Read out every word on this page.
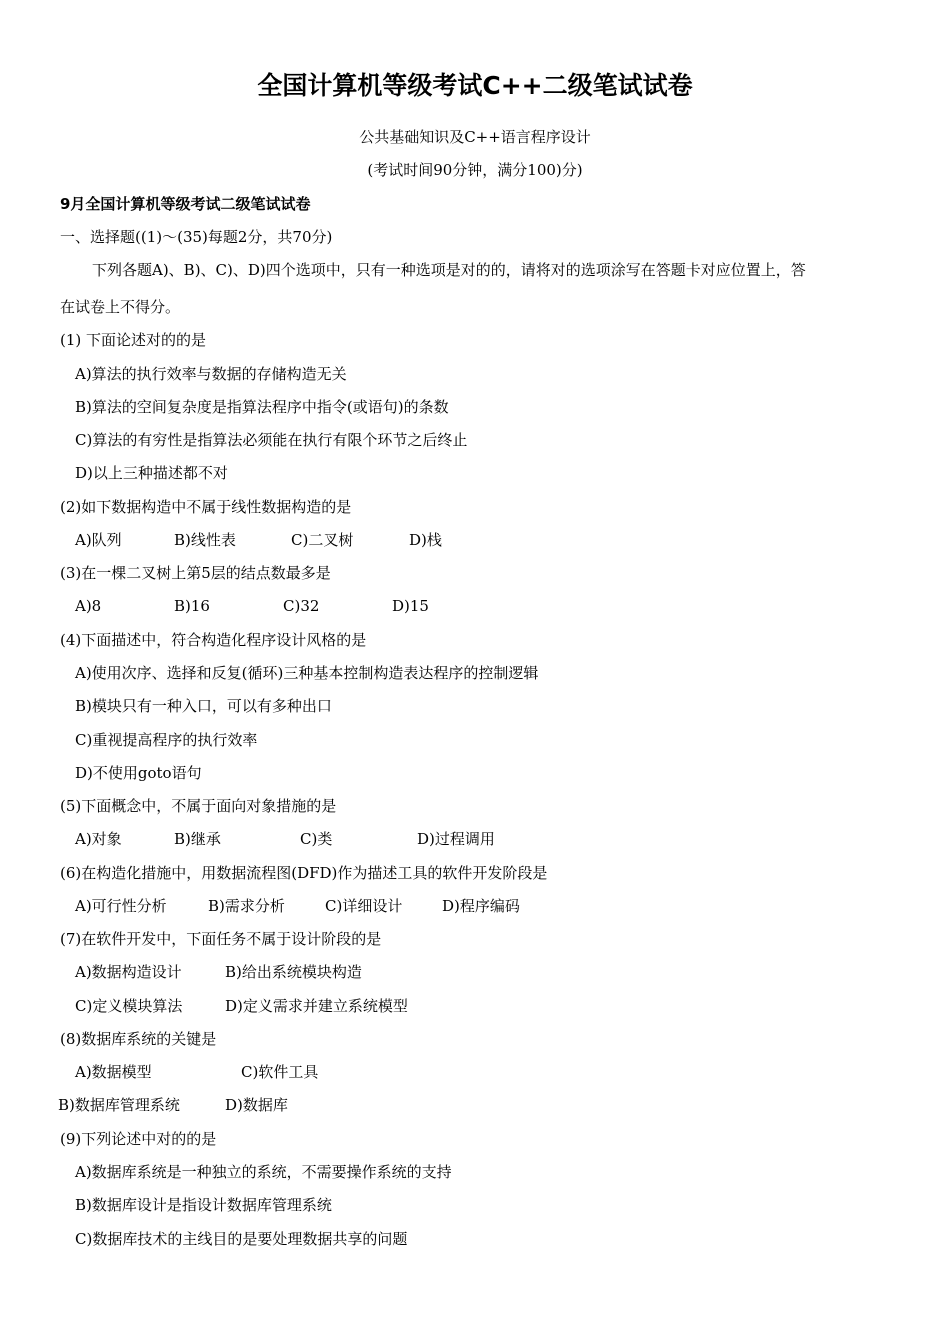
全国计算机等级考试C++二级笔试试卷
公共基础知识及C++语言程序设计
(考试时间90分钟，满分100)分)
9月全国计算机等级考试二级笔试试卷
一、选择题((1)～(35)每题2分，共70分)
下列各题A)、B)、C)、D)四个选项中，只有一种选项是对的的，请将对的选项涂写在答题卡对应位置上，答
在试卷上不得分。
(1) 下面论述对的的是
A)算法的执行效率与数据的存储构造无关
B)算法的空间复杂度是指算法程序中指令(或语句)的条数
C)算法的有穷性是指算法必须能在执行有限个环节之后终止
D)以上三种描述都不对
(2)如下数据构造中不属于线性数据构造的是
A)队列	B)线性表	C)二叉树	D)栈
(3)在一棵二叉树上第5层的结点数最多是
A)8	B)16	C)32	D)15
(4)下面描述中，符合构造化程序设计风格的是
A)使用次序、选择和反复(循环)三种基本控制构造表达程序的控制逻辑
B)模块只有一种入口，可以有多种出口
C)重视提高程序的执行效率
D)不使用goto语句
(5)下面概念中，不属于面向对象措施的是
A)对象	B)继承	C)类	D)过程调用
(6)在构造化措施中，用数据流程图(DFD)作为描述工具的软件开发阶段是
A)可行性分析	B)需求分析	C)详细设计	D)程序编码
(7)在软件开发中，下面任务不属于设计阶段的是
A)数据构造设计	B)给出系统模块构造
C)定义模块算法	D)定义需求并建立系统模型
(8)数据库系统的关键是
A)数据模型	C)软件工具
B)数据库管理系统	D)数据库
(9)下列论述中对的的是
A)数据库系统是一种独立的系统，不需要操作系统的支持
B)数据库设计是指设计数据库管理系统
C)数据库技术的主线目的是要处理数据共享的问题
